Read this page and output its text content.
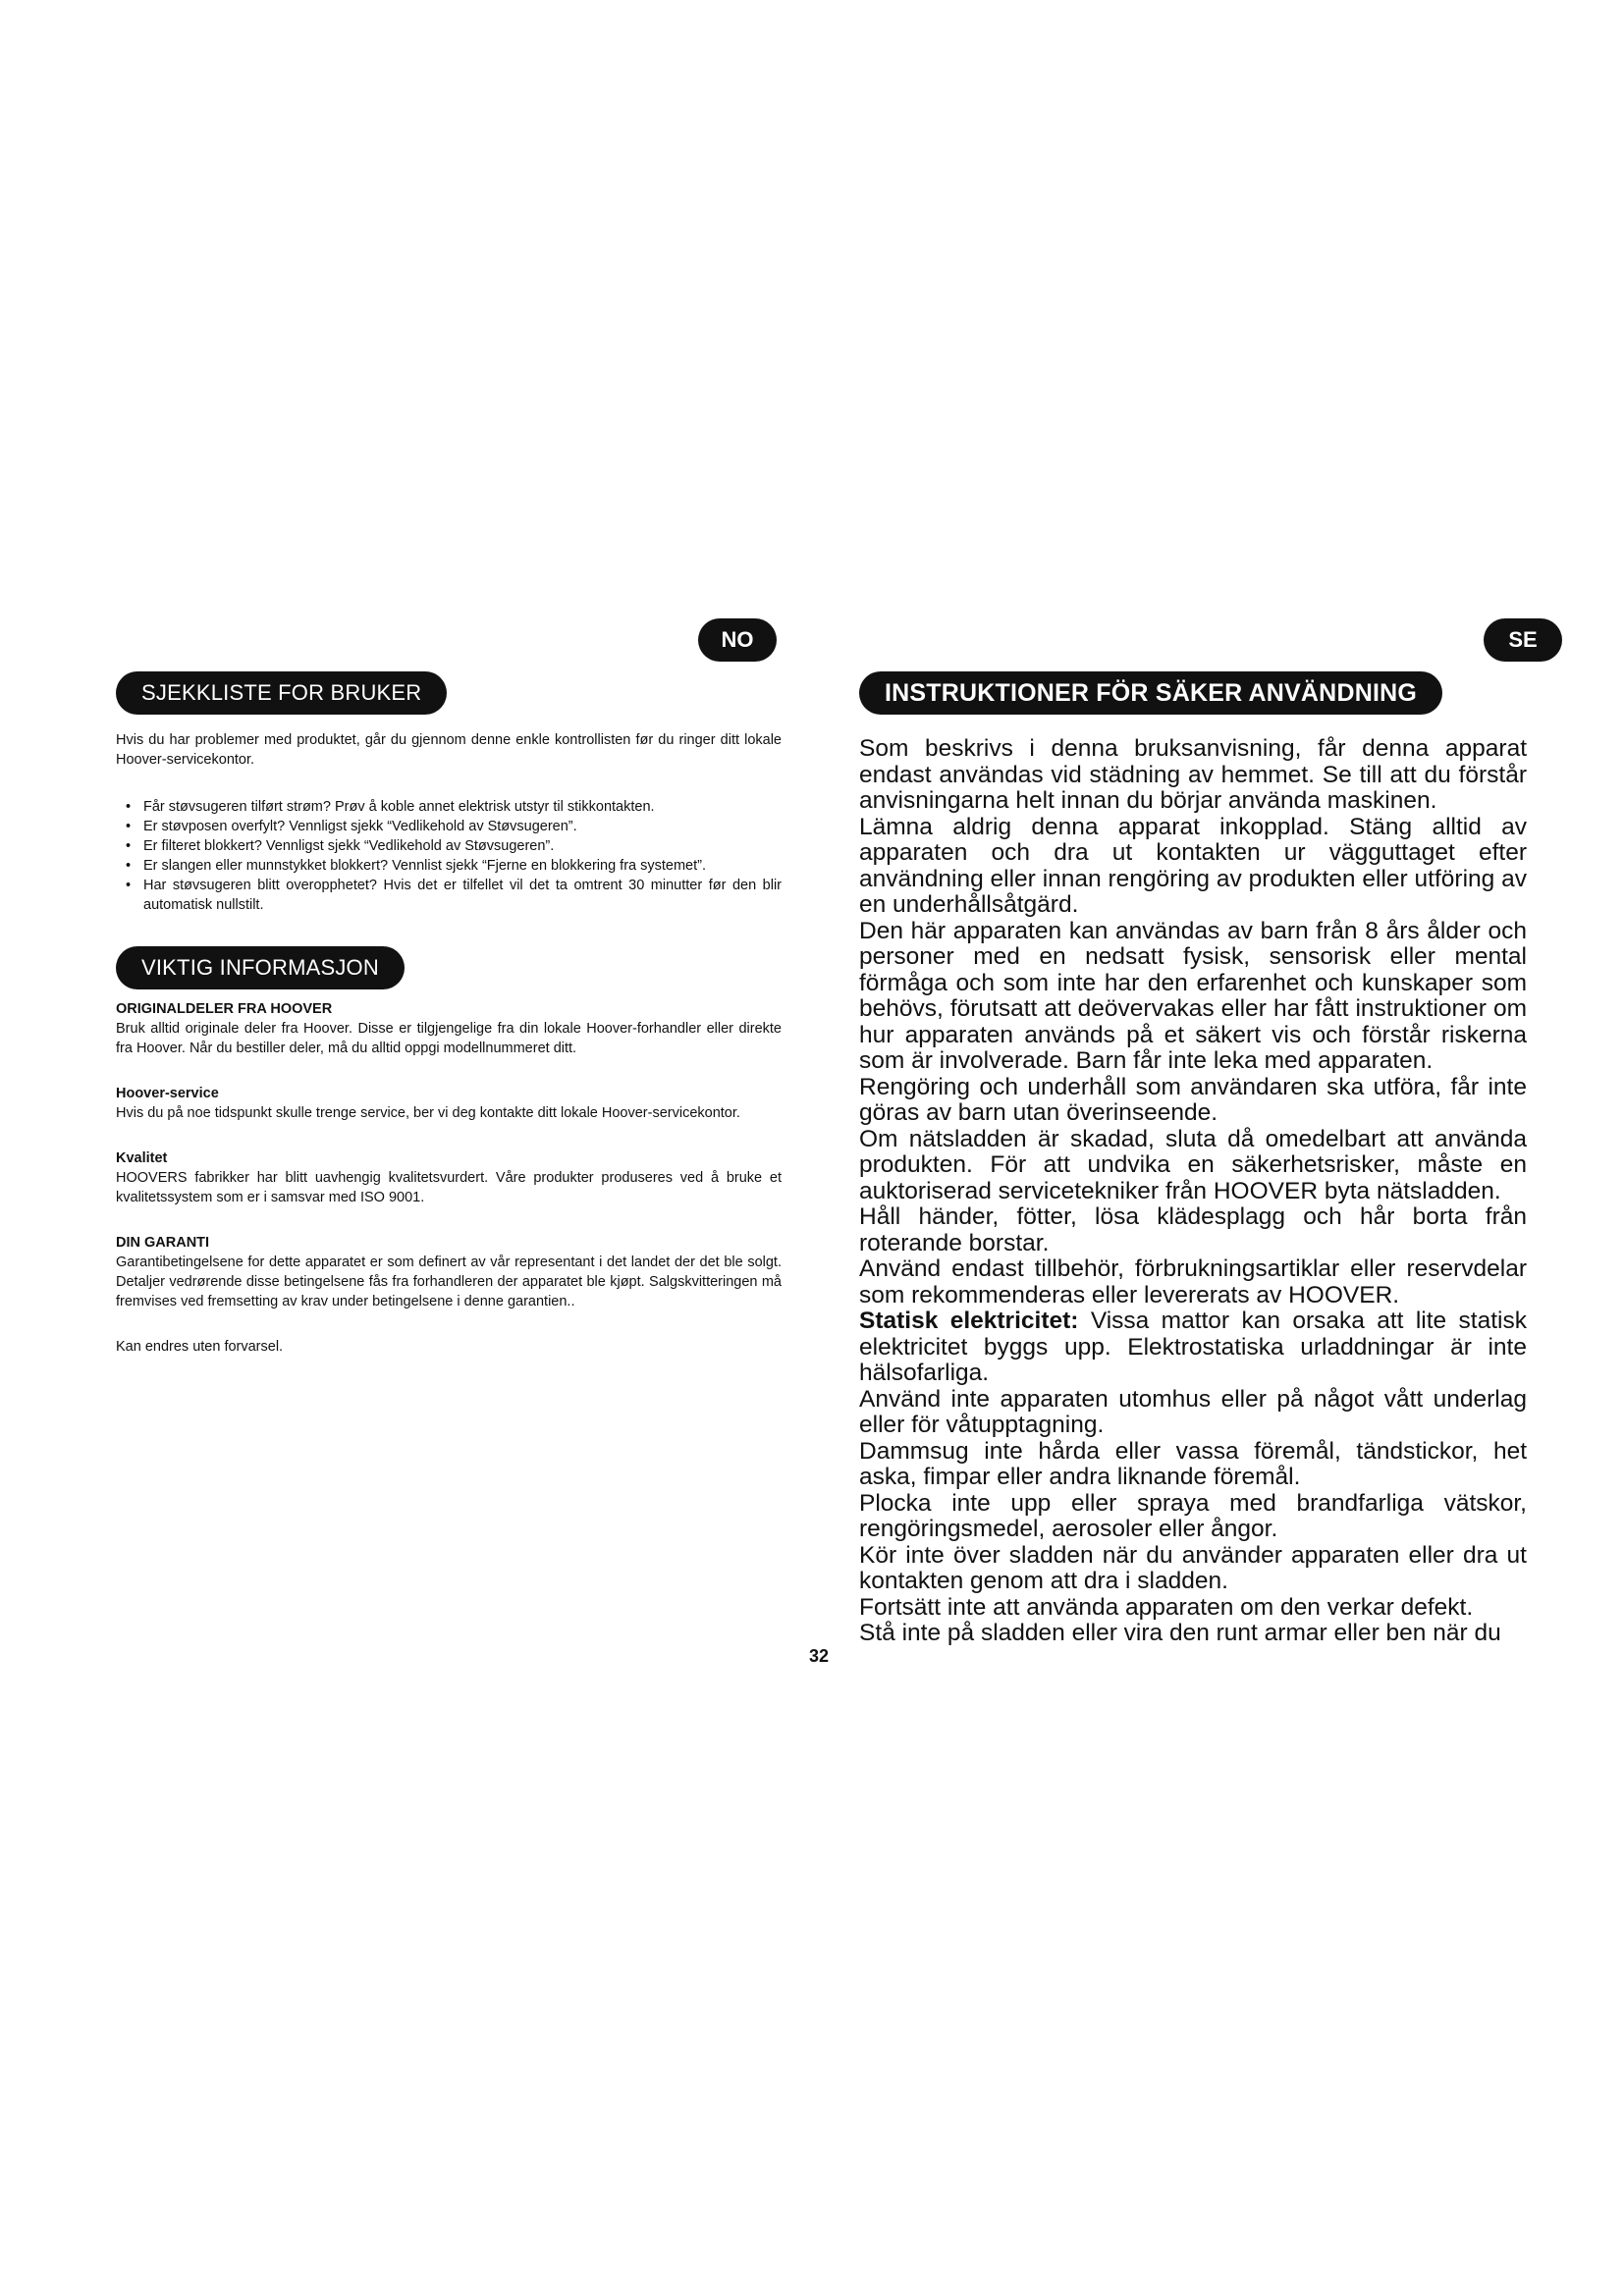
NO	SE
SJEKKLISTE FOR BRUKER
Hvis du har problemer med produktet, går du gjennom denne enkle kontrollisten før du ringer ditt lokale Hoover-servicekontor.
• Får støvsugeren tilført strøm? Prøv å koble annet elektrisk utstyr til stikkontakten.
• Er støvposen overfylt? Vennligst sjekk “Vedlikehold av Støvsugeren”.
• Er filteret blokkert? Vennligst sjekk “Vedlikehold av Støvsugeren”.
• Er slangen eller munnstykket blokkert? Vennlist sjekk “Fjerne en blokkering fra systemet”.
• Har støvsugeren blitt overopphetet? Hvis det er tilfellet vil det ta omtrent 30 minutter før den blir automatisk nullstilt.
VIKTIG INFORMASJON
ORIGINALDELER FRA HOOVER
Bruk alltid originale deler fra Hoover. Disse er tilgjengelige fra din lokale Hoover-forhandler eller direkte fra Hoover. Når du bestiller deler, må du alltid oppgi modellnummeret ditt.
Hoover-service
Hvis du på noe tidspunkt skulle trenge service, ber vi deg kontakte ditt lokale Hoover-servicekontor.
Kvalitet
HOOVERS fabrikker har blitt uavhengig kvalitetsvurdert. Våre produkter produseres ved å bruke et kvalitetssystem som er i samsvar med ISO 9001.
DIN GARANTI
Garantibetingelsene for dette apparatet er som definert av vår representant i det landet der det ble solgt. Detaljer vedrørende disse betingelsene fås fra forhandleren der apparatet ble kjøpt. Salgskvitteringen må fremvises ved fremsetting av krav under betingelsene i denne garantien..
Kan endres uten forvarsel.
INSTRUKTIONER FÖR SÄKER ANVÄNDNING

Som beskrivs i denna bruksanvisning, får denna apparat endast användas vid städning av hemmet. Se till att du förstår anvisningarna helt innan du börjar använda maskinen.

Lämna aldrig denna apparat inkopplad. Stäng alltid av apparaten och dra ut kontakten ur vägguttaget efter användning eller innan rengöring av produkten eller utföring av en underhållsåtgärd.

Den här apparaten kan användas av barn från 8 års ålder och personer med en nedsatt fysisk, sensorisk eller mental förmåga och som inte har den erfarenhet och kunskaper som behövs, förutsatt att deövervakas eller har fått instruktioner om hur apparaten används på et säkert vis och förstår riskerna som är involverade. Barn får inte leka med apparaten.

Rengöring och underhåll som användaren ska utföra, får inte göras av barn utan överinseende.

Om nätsladden är skadad, sluta då omedelbart att använda produkten. För att undvika en säkerhetsrisker, måste en auktoriserad servicetekniker från HOOVER byta nätsladden.

Håll händer, fötter, lösa klädesplagg och hår borta från roterande borstar.

Använd endast tillbehör, förbrukningsartiklar eller reservdelar som rekommenderas eller levererats av HOOVER.

Statisk elektricitet: Vissa mattor kan orsaka att lite statisk elektricitet byggs upp. Elektrostatiska urladdningar är inte hälsofarliga.

Använd inte apparaten utomhus eller på något vått underlag eller för våtupptagning.

Dammsug inte hårda eller vassa föremål, tändstickor, het aska, fimpar eller andra liknande föremål.

Plocka inte upp eller spraya med brandfarliga vätskor, rengöringsmedel, aerosoler eller ångor.

Kör inte över sladden när du använder apparaten eller dra ut kontakten genom att dra i sladden.

Fortsätt inte att använda apparaten om den verkar defekt.

Stå inte på sladden eller vira den runt armar eller ben när du

32
